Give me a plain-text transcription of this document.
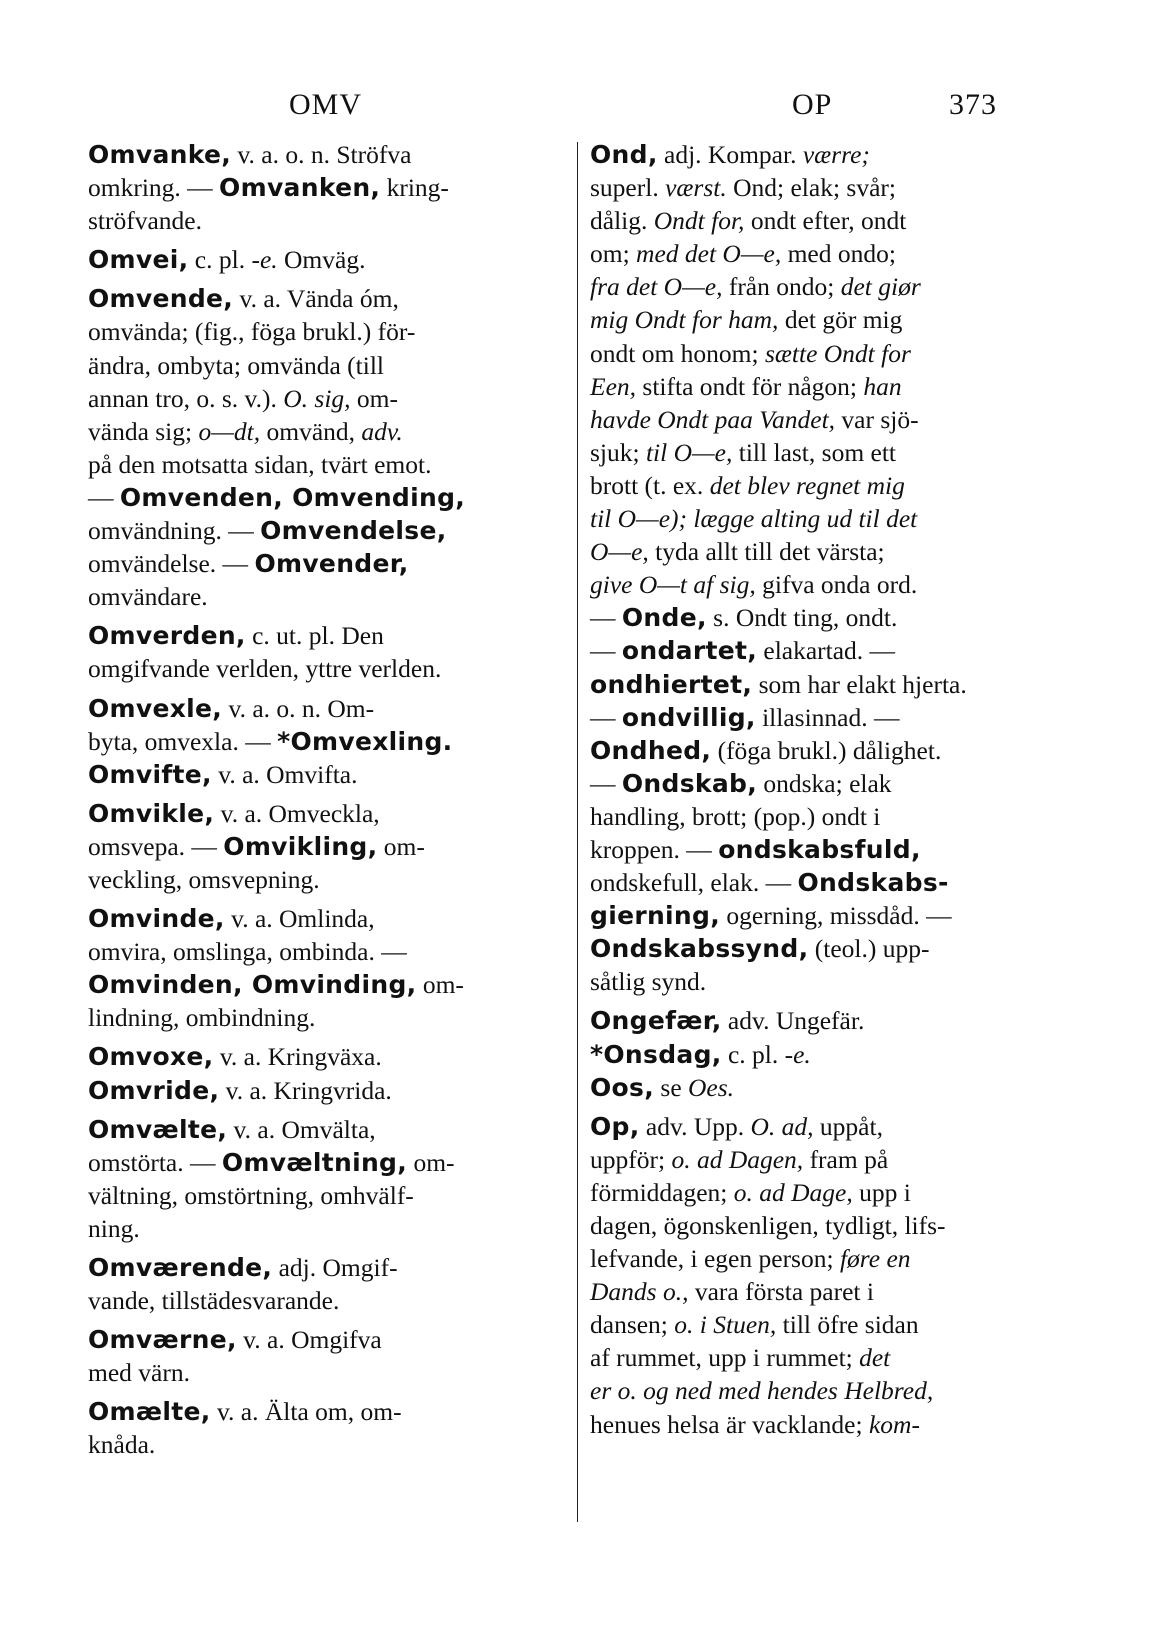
OMV	OP	373
Omvanke, v. a. o. n. Ströfva
omkring. — Omvanken, kring-
ströfvande.
Omvei, c. pl. -e. Omväg.
Omvende, v. a. Vända óm,
omvända; (fig., föga brukl.) för-
ändra, ombyta; omvända (till
annan tro, o. s. v.). O. sig, om-
vända sig; o—dt, omvänd, adv.
på den motsatta sidan, tvärt emot.
— Omvenden, Omvending,
omvändning. — Omvendelse,
omvändelse. — Omvender,
omvändare.
Omverden, c. ut. pl. Den
omgifvande verlden, yttre verlden.
Omvexle, v. a. o. n. Om-
byta, omvexla. — *Omvexling.
Omvifte, v. a. Omvifta.
Omvikle, v. a. Omveckla,
omsvepa. — Omvikling, om-
veckling, omsvepning.
Omvinde, v. a. Omlinda,
omvira, omslinga, ombinda. —
Omvinden, Omvinding, om-
lindning, ombindning.
Omvoxe, v. a. Kringväxa.
Omvride, v. a. Kringvrida.
Omvælte, v. a. Omvälta,
omstörta. — Omvæltning, om-
vältning, omstörtning, omhvälf-
ning.
Omværende, adj. Omgif-
vande, tillstädesvarande.
Omværne, v. a. Omgifva
med värn.
Omælte, v. a. Älta om, om-
knåda.
Ond, adj. Kompar. værre;
superl. værst. Ond; elak; svår;
dålig. Ondt for, ondt efter, ondt
om; med det O—e, med ondo;
fra det O—e, från ondo; det giør
mig Ondt for ham, det gör mig
ondt om honom; sætte Ondt for
Een, stifta ondt för någon; han
havde Ondt paa Vandet, var sjö-
sjuk; til O—e, till last, som ett
brott (t. ex. det blev regnet mig
til O—e); lægge alting ud til det
O—e, tyda allt till det värsta;
give O—t af sig, gifva onda ord.
— Onde, s. Ondt ting, ondt.
— ondartet, elakartad. —
ondhiertet, som har elakt hjerta.
— ondvillig, illasinnad. —
Ondhed, (föga brukl.) dålighet.
— Ondskab, ondska; elak
handling, brott; (pop.) ondt i
kroppen. — ondskabsfuld,
ondskefull, elak. — Ondskabs-
gierning, ogerning, missdåd. —
Ondskabssynd, (teol.) upp-
såtlig synd.
Ongefær, adv. Ungefär.
*Onsdag, c. pl. -e.
Oos, se Oes.
Op, adv. Upp. O. ad, uppåt,
uppför; o. ad Dagen, fram på
förmiddagen; o. ad Dage, upp i
dagen, ögonskenligen, tydligt, lifs-
lefvande, i egen person; føre en
Dands o., vara första paret i
dansen; o. i Stuen, till öfre sidan
af rummet, upp i rummet; det
er o. og ned med hendes Helbred,
henues helsa är vacklande; kom-
